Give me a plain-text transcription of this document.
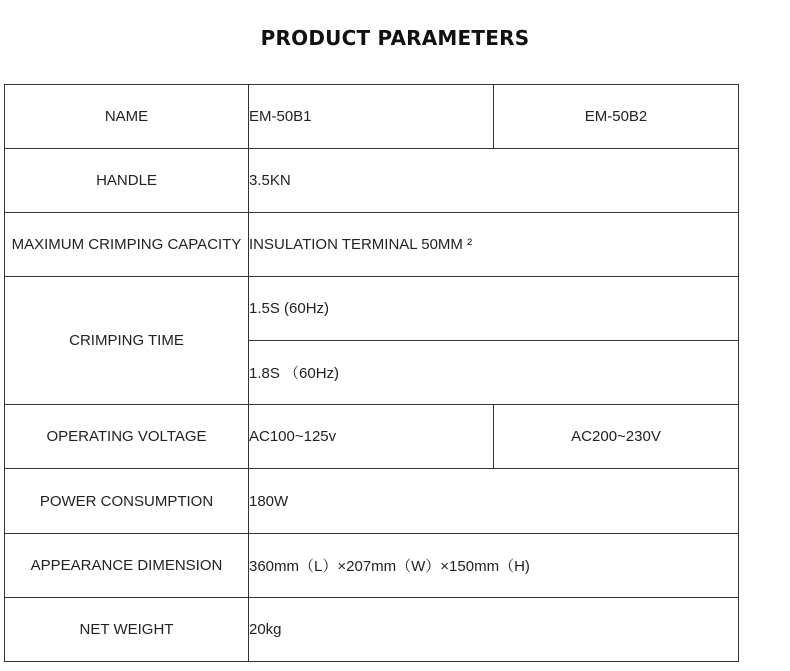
PRODUCT PARAMETERS
NAME	EM-50B1	EM-50B2
HANDLE	3.5KN	
MAXIMUM CRIMPING CAPACITY	INSULATION TERMINAL 50MM ²	
CRIMPING TIME	1.5S (60Hz)	
	1.8S （60Hz)	
OPERATING VOLTAGE	AC100~125v	AC200~230V
POWER CONSUMPTION	180W	
APPEARANCE DIMENSION	360mm（L）×207mm（W）×150mm（H)	
NET WEIGHT	20kg	
